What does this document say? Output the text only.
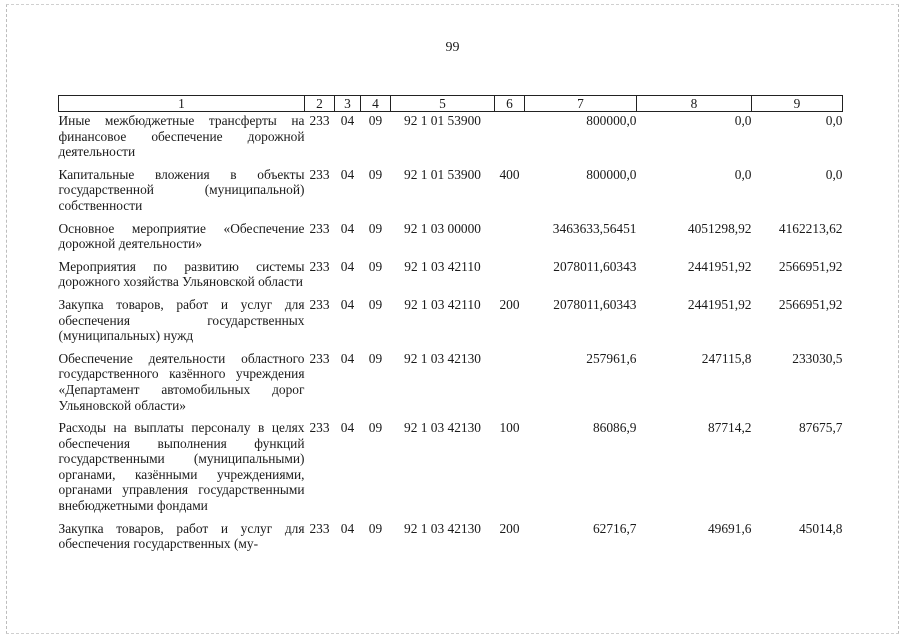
99
1	2	3	4	5	6	7	8	9

Иные межбюджетные трансферты на финансовое обеспечение дорожной деятельности	233	04	09	92 1 01 53900		800000,0	0,0	0,0

Капитальные вложения в объекты государственной (муниципальной) собственности	233	04	09	92 1 01 53900	400	800000,0	0,0	0,0

Основное мероприятие «Обеспечение дорожной деятельности»	233	04	09	92 1 03 00000		3463633,56451	4051298,92	4162213,62

Мероприятия по развитию системы дорожного хозяйства Ульяновской области	233	04	09	92 1 03 42110		2078011,60343	2441951,92	2566951,92

Закупка товаров, работ и услуг для обеспечения государственных (муниципальных) нужд	233	04	09	92 1 03 42110	200	2078011,60343	2441951,92	2566951,92

Обеспечение деятельности областного государственного казённого учреждения «Департамент автомобильных дорог Ульяновской области»	233	04	09	92 1 03 42130		257961,6	247115,8	233030,5

Расходы на выплаты персоналу в целях обеспечения выполнения функций государственными (муниципальными) органами, казёнными учреждениями, органами управления государственными внебюджетными фондами	233	04	09	92 1 03 42130	100	86086,9	87714,2	87675,7

Закупка товаров, работ и услуг для обеспечения государственных (му-	233	04	09	92 1 03 42130	200	62716,7	49691,6	45014,8
